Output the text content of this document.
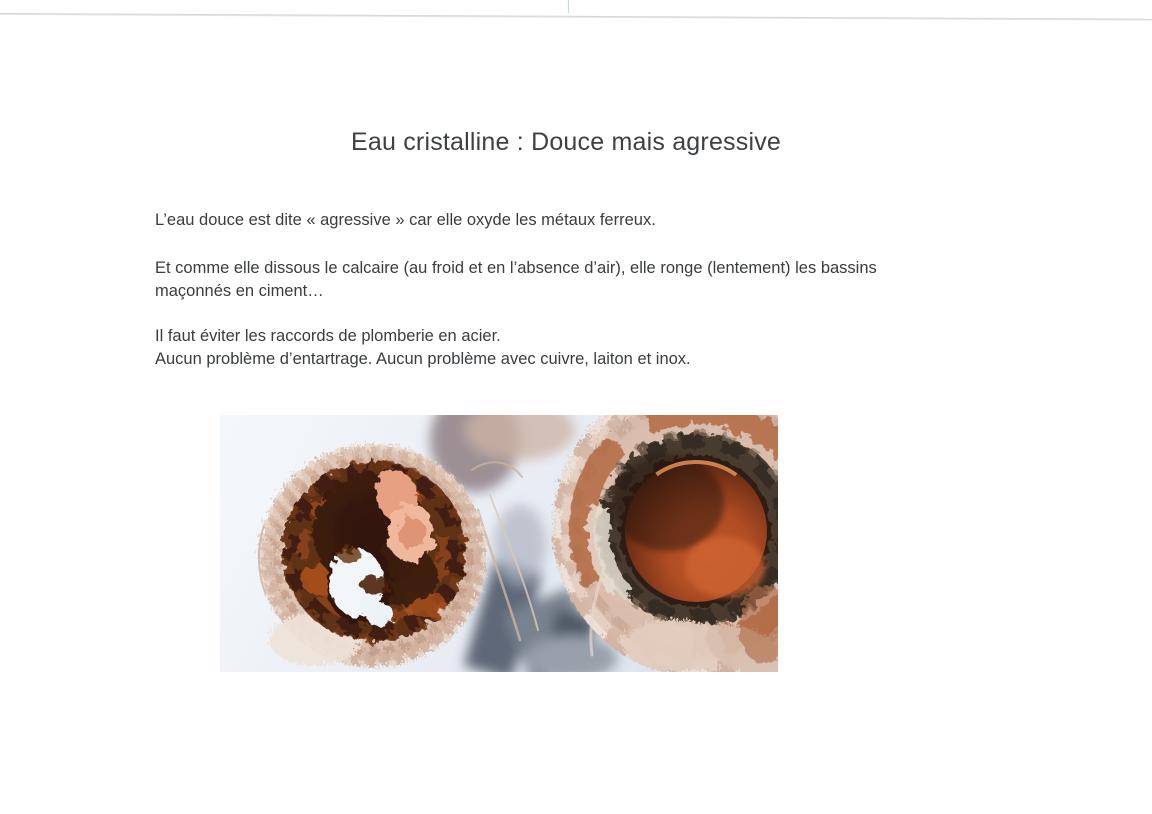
Eau cristalline : Douce mais agressive

L’eau douce est dite « agressive » car elle oxyde les métaux ferreux.

Et comme elle dissous le calcaire (au froid et en l’absence d’air), elle ronge (lentement) les bassins
maçonnés en ciment…

Il faut éviter les raccords de plomberie en acier.
Aucun problème d’entartrage. Aucun problème avec cuivre, laiton et inox.
